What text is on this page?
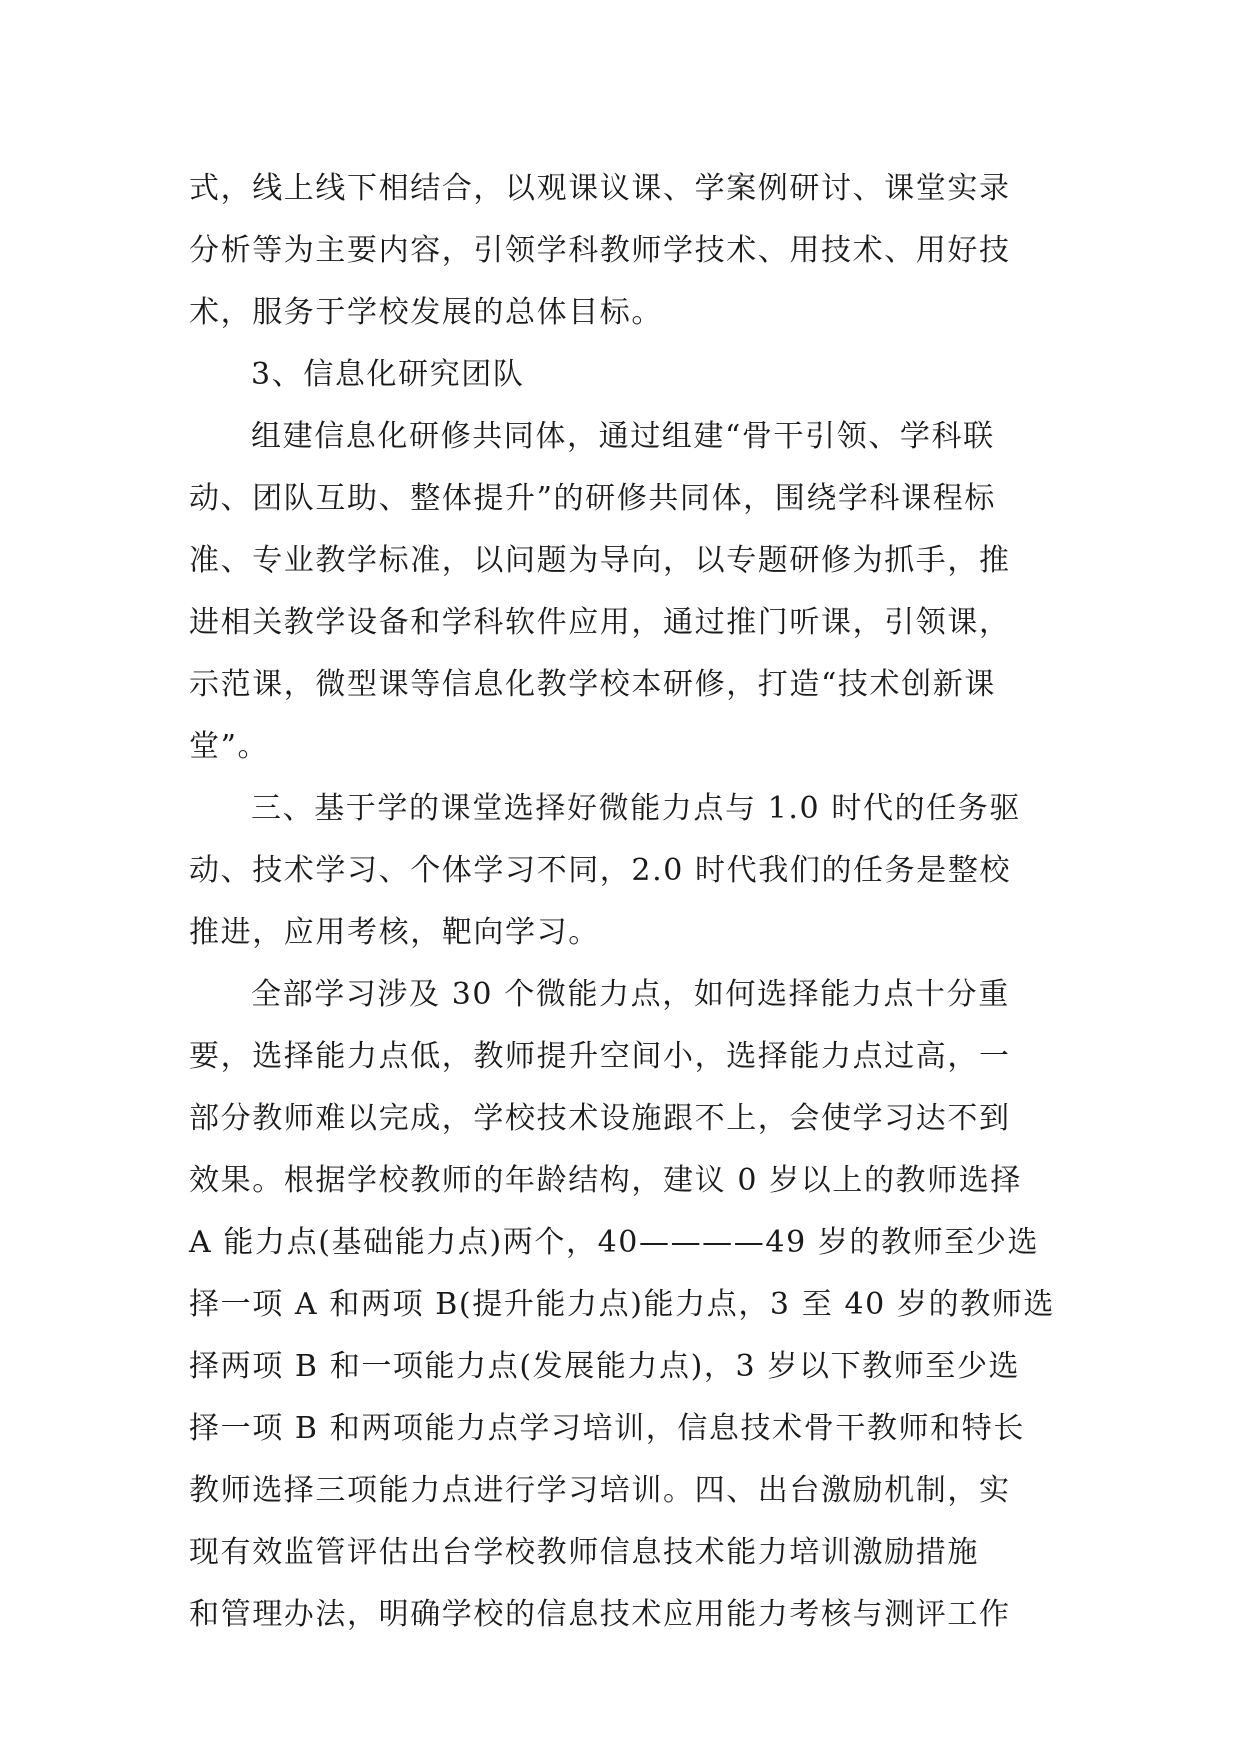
式，线上线下相结合，以观课议课、学案例研讨、课堂实录
分析等为主要内容，引领学科教师学技术、用技术、用好技
术，服务于学校发展的总体目标。
3、信息化研究团队
组建信息化研修共同体，通过组建“骨干引领、学科联
动、团队互助、整体提升”的研修共同体，围绕学科课程标
准、专业教学标准，以问题为导向，以专题研修为抓手，推
进相关教学设备和学科软件应用，通过推门听课，引领课，
示范课，微型课等信息化教学校本研修，打造“技术创新课
堂”。
三、基于学的课堂选择好微能力点与 1.0 时代的任务驱
动、技术学习、个体学习不同，2.0 时代我们的任务是整校
推进，应用考核，靶向学习。
全部学习涉及 30 个微能力点，如何选择能力点十分重
要，选择能力点低，教师提升空间小，选择能力点过高，一
部分教师难以完成，学校技术设施跟不上，会使学习达不到
效果。根据学校教师的年龄结构，建议 0 岁以上的教师选择
A 能力点(基础能力点)两个，40————49 岁的教师至少选
择一项 A 和两项 B(提升能力点)能力点，3 至 40 岁的教师选
择两项 B 和一项能力点(发展能力点)，3 岁以下教师至少选
择一项 B 和两项能力点学习培训，信息技术骨干教师和特长
教师选择三项能力点进行学习培训。四、出台激励机制，实
现有效监管评估出台学校教师信息技术能力培训激励措施
和管理办法，明确学校的信息技术应用能力考核与测评工作
